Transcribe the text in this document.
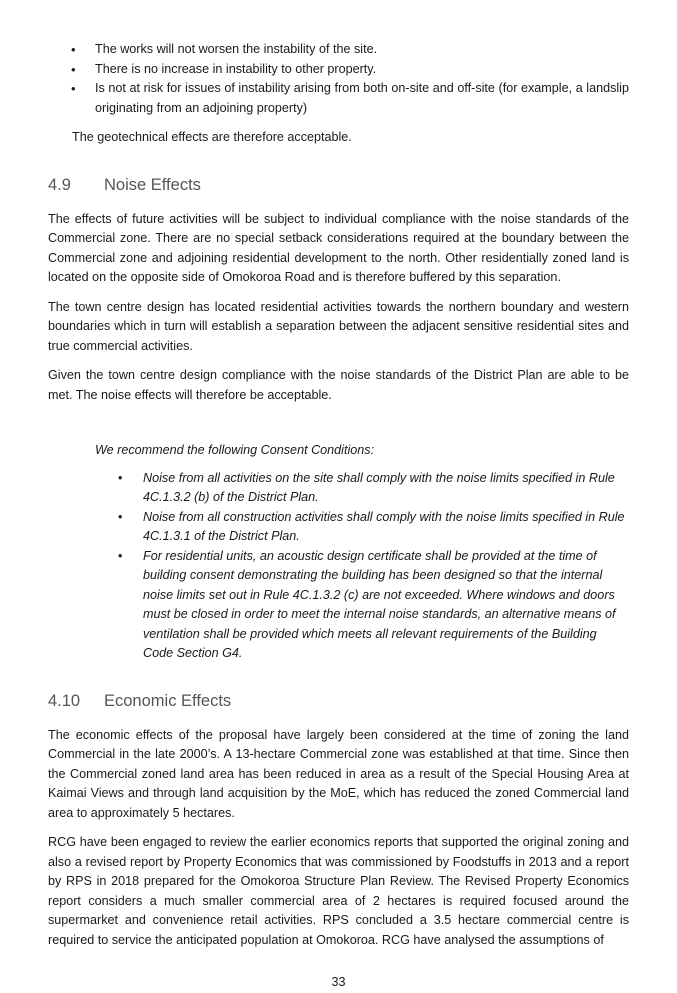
• The works will not worsen the instability of the site.
• There is no increase in instability to other property.
• Is not at risk for issues of instability arising from both on-site and off-site (for example, a landslip originating from an adjoining property)

The geotechnical effects are therefore acceptable.

4.9	Noise Effects

The effects of future activities will be subject to individual compliance with the noise standards of the Commercial zone. There are no special setback considerations required at the boundary between the Commercial zone and adjoining residential development to the north. Other residentially zoned land is located on the opposite side of Omokoroa Road and is therefore buffered by this separation.

The town centre design has located residential activities towards the northern boundary and western boundaries which in turn will establish a separation between the adjacent sensitive residential sites and true commercial activities.

Given the town centre design compliance with the noise standards of the District Plan are able to be met. The noise effects will therefore be acceptable.

We recommend the following Consent Conditions:

• Noise from all activities on the site shall comply with the noise limits specified in Rule 4C.1.3.2 (b) of the District Plan.
• Noise from all construction activities shall comply with the noise limits specified in Rule 4C.1.3.1 of the District Plan.
• For residential units, an acoustic design certificate shall be provided at the time of building consent demonstrating the building has been designed so that the internal noise limits set out in Rule 4C.1.3.2 (c) are not exceeded. Where windows and doors must be closed in order to meet the internal noise standards, an alternative means of ventilation shall be provided which meets all relevant requirements of the Building Code Section G4.
4.10	Economic Effects

The economic effects of the proposal have largely been considered at the time of zoning the land Commercial in the late 2000’s. A 13-hectare Commercial zone was established at that time. Since then the Commercial zoned land area has been reduced in area as a result of the Special Housing Area at Kaimai Views and through land acquisition by the MoE, which has reduced the zoned Commercial land area to approximately 5 hectares.

RCG have been engaged to review the earlier economics reports that supported the original zoning and also a revised report by Property Economics that was commissioned by Foodstuffs in 2013 and a report by RPS in 2018 prepared for the Omokoroa Structure Plan Review. The Revised Property Economics report considers a much smaller commercial area of 2 hectares is required focused around the supermarket and convenience retail activities. RPS concluded a 3.5 hectare commercial centre is required to service the anticipated population at Omokoroa. RCG have analysed the assumptions of

33
